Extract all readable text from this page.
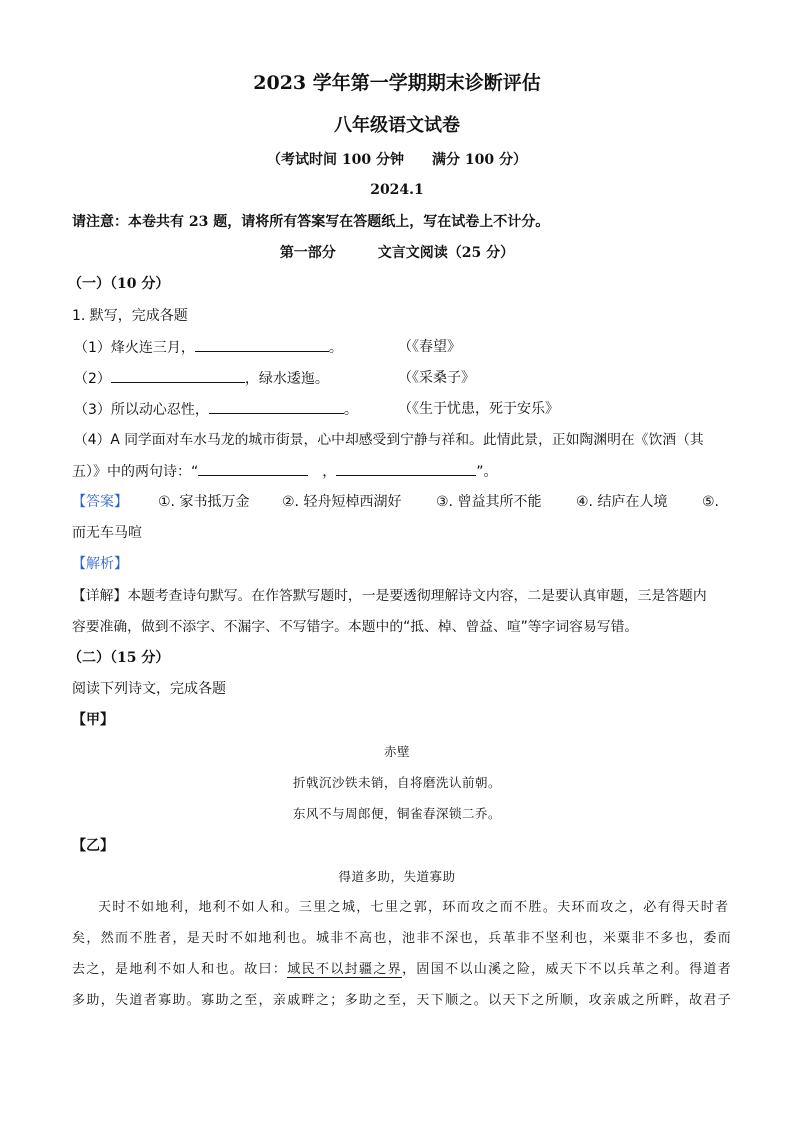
2023 学年第一学期期末诊断评估
八年级语文试卷
（考试时间 100 分钟　　满分 100 分）
2024.1
请注意：本卷共有 23 题，请将所有答案写在答题纸上，写在试卷上不计分。
第一部分　　　文言文阅读（25 分）
（一）（10 分）
1. 默写，完成各题
（1）烽火连三月，	。	（《春望》
（2）	，绿水逶迤。	（《采桑子》
（3）所以动心忍性，	。	（《生于忧患，死于安乐》
（4）A 同学面对车水马龙的城市街景，心中却感受到宁静与祥和。此情此景，正如陶渊明在《饮酒（其
五）》中的两句诗：“	，	”。
【答案】 ①. 家书抵万金 ②. 轻舟短棹西湖好 ③. 曾益其所不能 ④. 结庐在人境 ⑤.
而无车马喧
【解析】
【详解】本题考查诗句默写。在作答默写题时，一是要透彻理解诗文内容，二是要认真审题，三是答题内
容要准确，做到不添字、不漏字、不写错字。本题中的“抵、棹、曾益、喧”等字词容易写错。
（二）（15 分）
阅读下列诗文，完成各题
【甲】
赤壁
折戟沉沙铁未销，自将磨洗认前朝。
东风不与周郎便，铜雀春深锁二乔。
【乙】
得道多助，失道寡助
天时不如地利，地利不如人和。三里之城，七里之郭，环而攻之而不胜。夫环而攻之，必有得天时者
矣，然而不胜者，是天时不如地利也。城非不高也，池非不深也，兵革非不坚利也，米粟非不多也，委而
去之，是地利不如人和也。故曰：域民不以封疆之界，固国不以山溪之险，威天下不以兵革之利。得道者
多助，失道者寡助。寡助之至，亲戚畔之；多助之至，天下顺之。以天下之所顺，攻亲戚之所畔，故君子
